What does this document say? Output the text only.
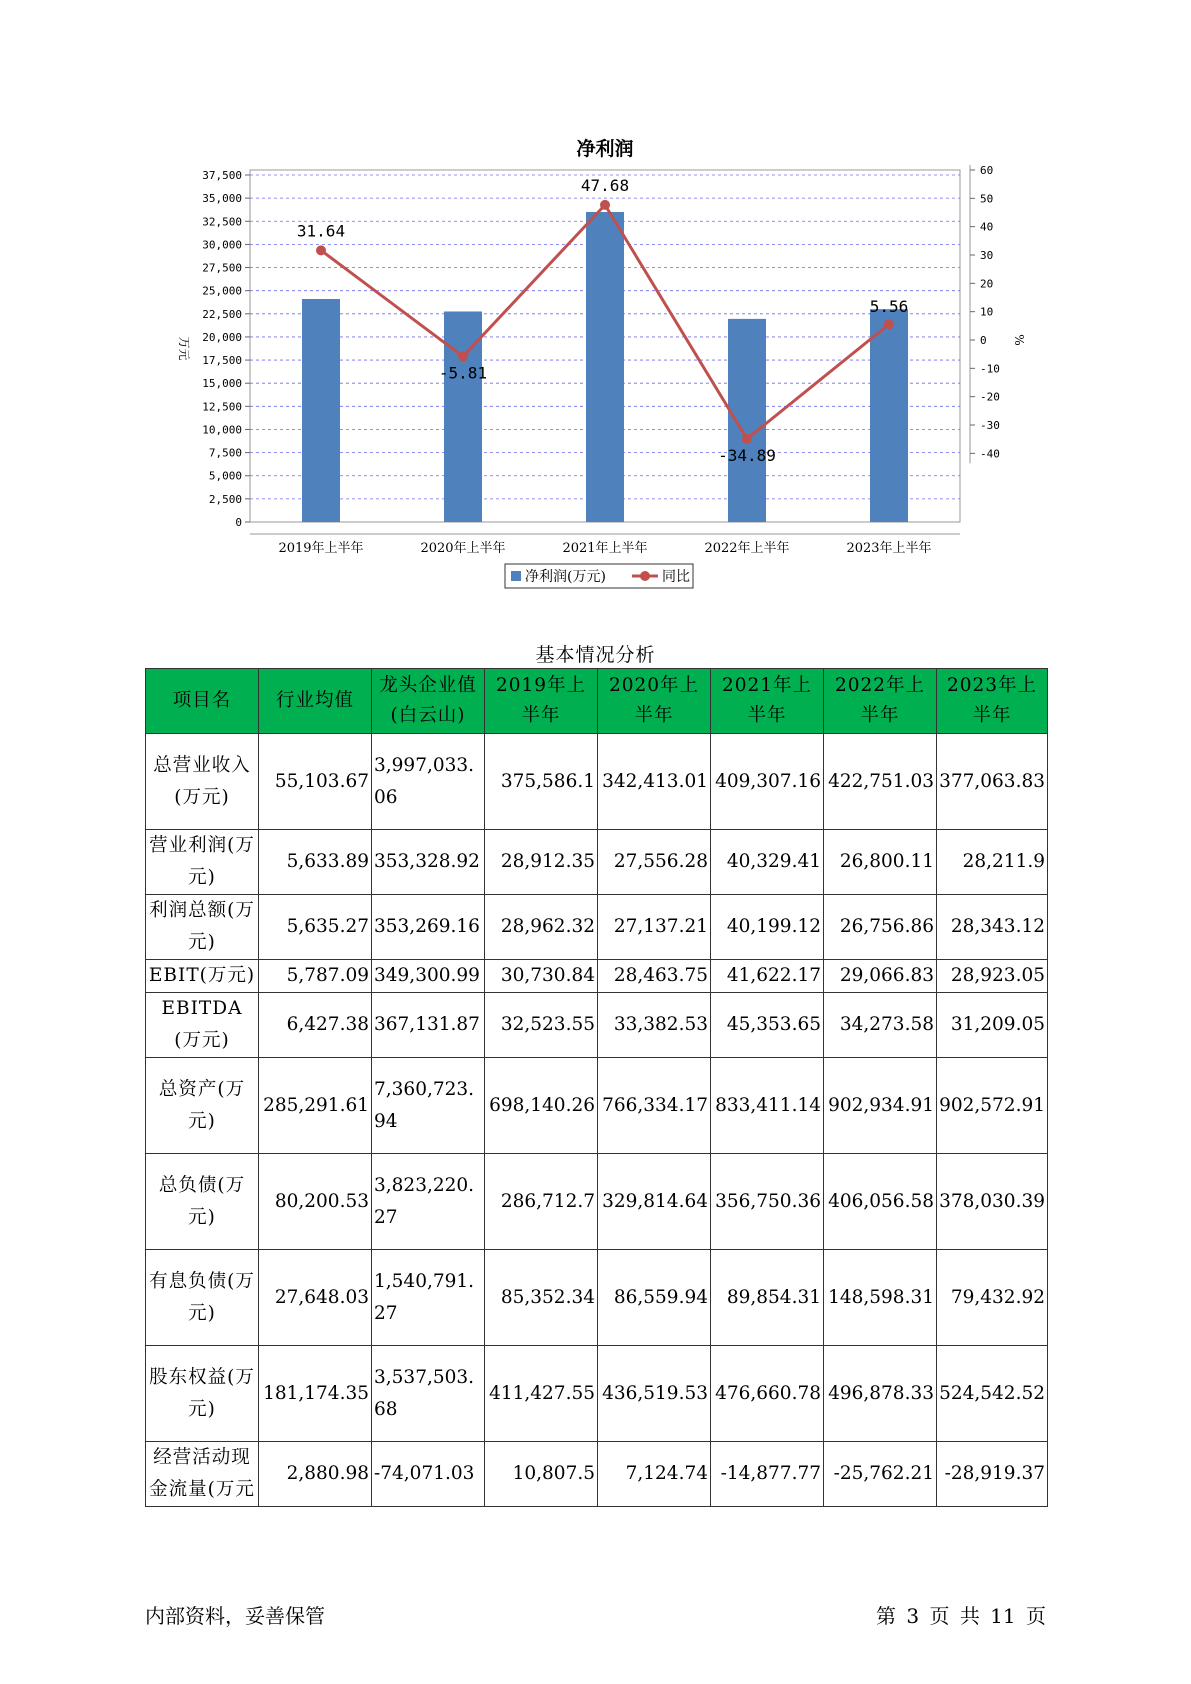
净利润
0
2,500
5,000
7,500
10,000
12,500
15,000
17,500
20,000
22,500
25,000
27,500
30,000
32,500
35,000
37,500
万元
-40
-30
-20
-10
0
10
20
30
40
50
60
%
2019年上半年	2020年上半年	2021年上半年	2022年上半年	2023年上半年
31.64
-5.81
47.68
-34.89
5.56
净利润(万元)	同比
基本情况分析
项目名	行业均值	龙头企业值(白云山)	2019年上半年	2020年上半年	2021年上半年	2022年上半年	2023年上半年
总营业收入(万元)	55,103.67	3,997,033.06	375,586.1	342,413.01	409,307.16	422,751.03	377,063.83
营业利润(万元)	5,633.89	353,328.92	28,912.35	27,556.28	40,329.41	26,800.11	28,211.9
利润总额(万元)	5,635.27	353,269.16	28,962.32	27,137.21	40,199.12	26,756.86	28,343.12
EBIT(万元)	5,787.09	349,300.99	30,730.84	28,463.75	41,622.17	29,066.83	28,923.05
EBITDA(万元)	6,427.38	367,131.87	32,523.55	33,382.53	45,353.65	34,273.58	31,209.05
总资产(万元)	285,291.61	7,360,723.94	698,140.26	766,334.17	833,411.14	902,934.91	902,572.91
总负债(万元)	80,200.53	3,823,220.27	286,712.7	329,814.64	356,750.36	406,056.58	378,030.39
有息负债(万元)	27,648.03	1,540,791.27	85,352.34	86,559.94	89,854.31	148,598.31	79,432.92
股东权益(万元)	181,174.35	3,537,503.68	411,427.55	436,519.53	476,660.78	496,878.33	524,542.52
经营活动现金流量(万元	2,880.98	-74,071.03	10,807.5	7,124.74	-14,877.77	-25,762.21	-28,919.37
内部资料，妥善保管	第 3 页 共 11 页
